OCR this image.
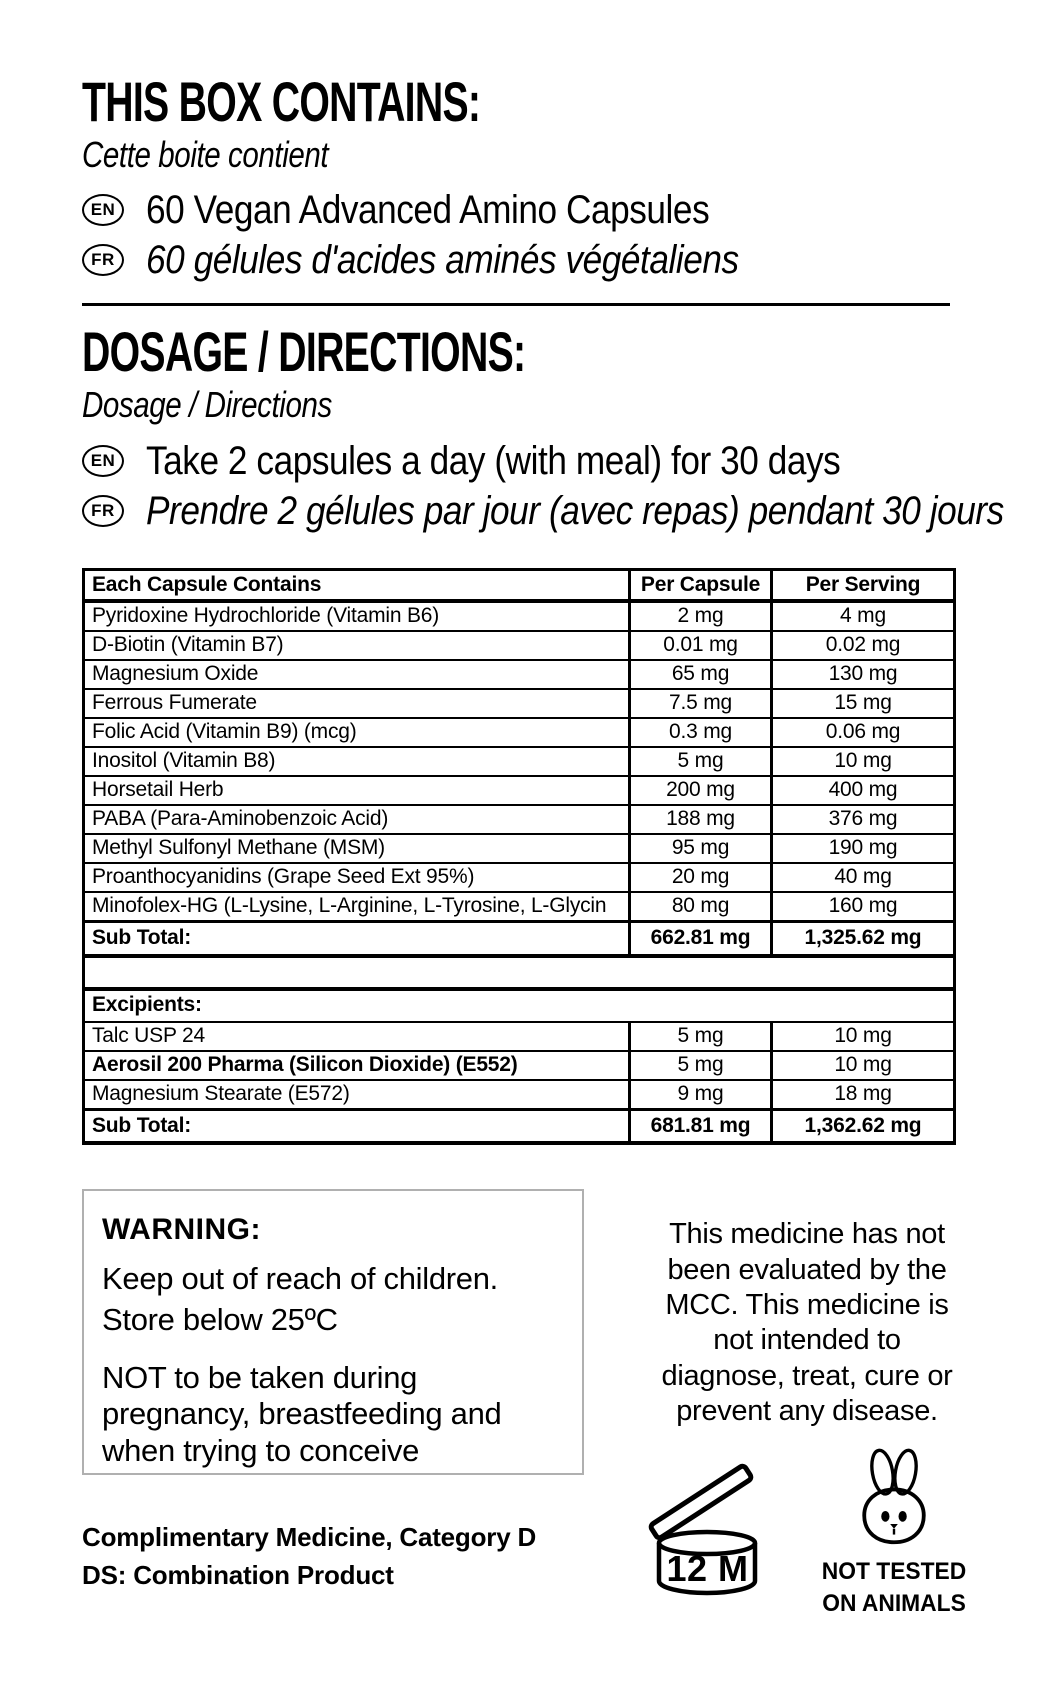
THIS BOX CONTAINS:
Cette boite contient
EN 60 Vegan Advanced Amino Capsules
FR 60 gélules d'acides aminés végétaliens
DOSAGE / DIRECTIONS:
Dosage / Directions
EN Take 2 capsules a day (with meal) for 30 days
FR Prendre 2 gélules par jour (avec repas) pendant 30 jours
Each Capsule Contains	Per Capsule	Per Serving
Pyridoxine Hydrochloride (Vitamin B6)	2 mg	4 mg
D-Biotin (Vitamin B7)	0.01 mg	0.02 mg
Magnesium Oxide	65 mg	130 mg
Ferrous Fumerate	7.5 mg	15 mg
Folic Acid (Vitamin B9) (mcg)	0.3 mg	0.06 mg
Inositol (Vitamin B8)	5 mg	10 mg
Horsetail Herb	200 mg	400 mg
PABA (Para-Aminobenzoic Acid)	188 mg	376 mg
Methyl Sulfonyl Methane (MSM)	95 mg	190 mg
Proanthocyanidins (Grape Seed Ext 95%)	20 mg	40 mg
Minofolex-HG (L-Lysine, L-Arginine, L-Tyrosine, L-Glycin	80 mg	160 mg
Sub Total:	662.81 mg	1,325.62 mg

Excipients:		
Talc USP 24	5 mg	10 mg
Aerosil 200 Pharma (Silicon Dioxide) (E552)	5 mg	10 mg
Magnesium Stearate (E572)	9 mg	18 mg
Sub Total:	681.81 mg	1,362.62 mg
WARNING:
Keep out of reach of children.
Store below 25ºC
NOT to be taken during
pregnancy, breastfeeding and
when trying to conceive
Complimentary Medicine, Category D
DS: Combination Product
This medicine has not
been evaluated by the
MCC. This medicine is
not intended to
diagnose, treat, cure or
prevent any disease.
12 M	NOT TESTED
ON ANIMALS
